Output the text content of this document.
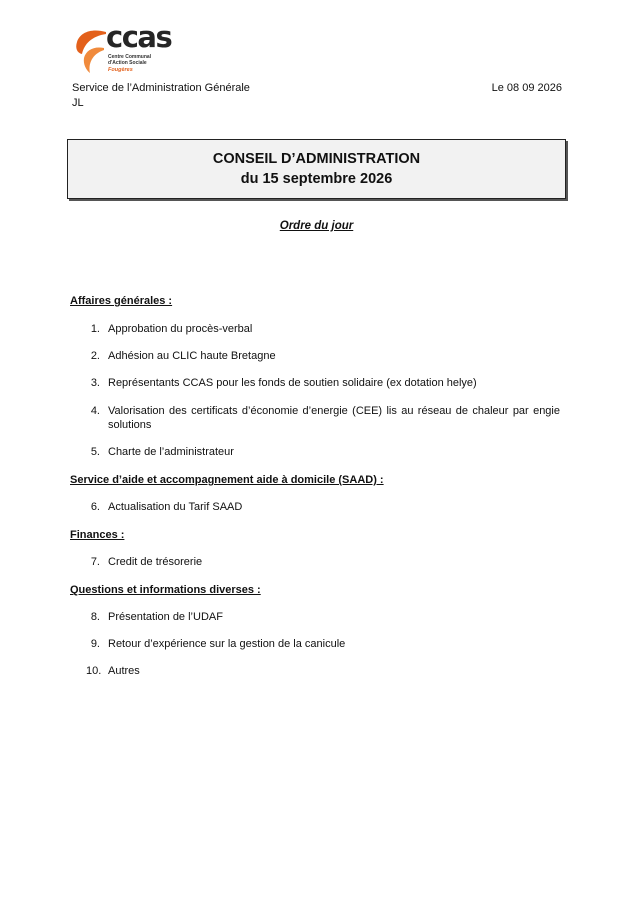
ccas
Centre Communal
d'Action Sociale
Fougères
Service de l’Administration Générale
JL
Le 08 09 2026
CONSEIL D’ADMINISTRATION
du 15 septembre 2026
Ordre du jour
Affaires générales :
1. Approbation du procès-verbal
2. Adhésion au CLIC haute Bretagne
3. Représentants CCAS pour les fonds de soutien solidaire (ex dotation helye)
4. Valorisation des certificats d’économie d’energie (CEE) lis au réseau de chaleur par engie solutions
5. Charte de l’administrateur
Service d’aide et accompagnement aide à domicile (SAAD) :
6. Actualisation du Tarif SAAD
Finances :
7. Credit de trésorerie
Questions et informations diverses :
8. Présentation de l’UDAF
9. Retour d’expérience sur la gestion de la canicule
10. Autres
